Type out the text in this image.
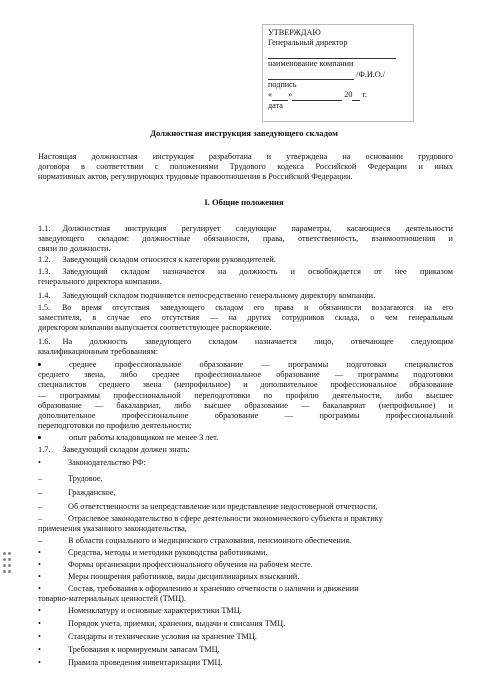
УТВЕРЖДАЮ
Генеральный директор
наименование компании
/Ф.И.О./
подпись
« »	20 г.
дата
Должностная инструкция заведующего складом
Настоящая должностная инструкция разработана и утверждена на основании трудового
договора в соответствии с положениями Трудового кодекса Российской Федерации и иных
нормативных актов, регулирующих трудовые правоотношения в Российской Федерации.
I. Общие положения
1.1. Должностная инструкция регулирует следующие параметры, касающиеся деятельности
заведующего складом: должностные обязанности, права, ответственность, взаимоотношения и
связи по должности.
1.2. Заведующий складом относится к категории руководителей.
1.3. Заведующий складом назначается на должность и освобождается от нее приказом
генерального директора компании.
1.4. Заведующий складом подчиняется непосредственно генеральному директору компании.
1.5. Во время отсутствия заведующего складом его права и обязанности возлагаются на его
заместителя, в случае его отсутствия — на других сотрудников склада, о чем генеральным
директором компании выпускается соответствующее распоряжение.
1.6. На должность заведующего складом назначается лицо, отвечающее следующим
квалификационным требованиям:
среднее профессиональное образование — программы подготовки специалистов
среднего звена, либо среднее профессиональное образование — программы подготовки
специалистов среднего звена (непрофильное) и дополнительное профессиональное образование
— программы профессиональной переподготовки по профилю деятельности, либо высшее
образование — бакалавриат, либо высшее образование — бакалавриат (непрофильное) и
дополнительное профессиональное образование — программы профессиональной
переподготовки по профилю деятельности;
опыт работы кладовщиком не менее 3 лет.
1.7. Заведующий складом должен знать:
•	Законодательство РФ:
–	Трудовое,
–	Гражданское,
–	Об ответственности за непредставление или представление недостоверной отчетности,
–	Отраслевое законодательство в сфере деятельности экономического субъекта и практику
применения указанного законодательства,
–	В области социального и медицинского страхования, пенсионного обеспечения.
•	Средства, методы и методики руководства работниками.
•	Формы организации профессионального обучения на рабочем месте.
•	Меры поощрения работников, виды дисциплинарных взысканий.
•	Состав, требования к оформлению и хранению отчетности о наличии и движении
товарно-материальных ценностей (ТМЦ).
•	Номенклатуру и основные характеристики ТМЦ.
•	Порядок учета, приемки, хранения, выдачи и списания ТМЦ.
•	Стандарты и технические условия на хранение ТМЦ.
•	Требования к нормируемым запасам ТМЦ.
•	Правила проведения инвентаризации ТМЦ.
